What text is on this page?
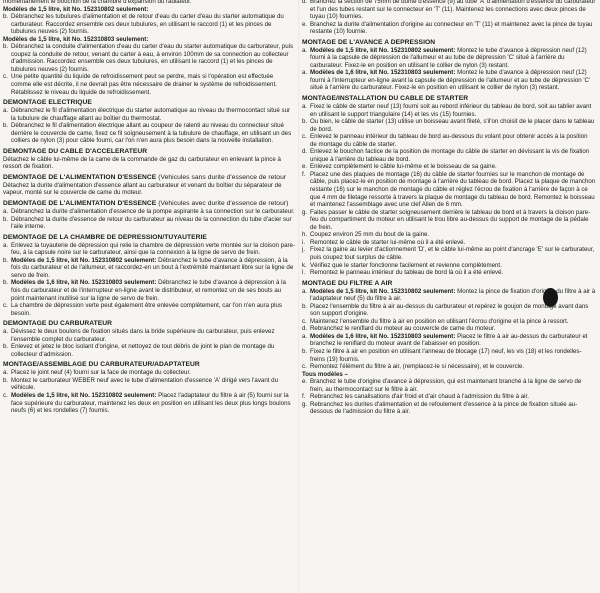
momentanément le bouchon de la chambre d'expansion du radiateur.

Modèles de 1,5 litre, kit No. 152310802 seulement:

b. Débranchez les tubulures d'alimentation et de retour d'eau du carter d'eau du starter automatique du carburateur. Raccordez ensemble ces deux tubulures, en utilisant le raccord (1) et les pinces de tubulures neuves (2) fournis.

Modèles de 1,5 litre, kit No. 152310803 seulement:

b. Débranchez la conduite d'alimentation d'eau du carter d'eau du starter automatique du carburateur, puis coupez la conduite de retour, venant du carter à eau, à environ 100mm de sa connection au collecteur d'admission. Raccordez ensemble ces deux tubulures, en utilisant le raccord (1) et les pinces de tubulures neuves (2) fournis.
c. Une petite quantité du liquide de refroidissement peut se perdre, mais si l'opération est effectuée comme elle est décrite, il ne devrait pas être nécessaire de drainer le système de refroidissement. Rétablissez le niveau du liquide de refroidissement.
DEMONTAGE ELECTRIQUE
a. Débranchez le fil d'alimentation électrique du starter automatique au niveau du thermocontact situé sur la tubulure de chauffage allant au boîtier du thermostat.
b. Débranchez le fil d'alimentation électrique allant au coupeur de ralenti au niveau du connecteur situé derrière le couvercle de came, fixez ce fil soigneusement à la tubulure de chauffage, en utilisant un des colliers de nylon (3) pour câble fourni, car l'on n'en aura plus besoin dans la nouvelle installation.
DEMONTAGE DU CABLE D'ACCELERATEUR

Détachez le câble lui-même de la came de la commande de gaz du carburateur en enlevant la pince à ressort de fixation.

DEMONTAGE DE L'ALIMENTATION D'ESSENCE (Vehicules sans durite d'essence de retour

Détachez la durite d'alimentation d'essence allant au carburateur et venant du boîtier du séparateur de vapeur, monté sur le couvercle de came du moteur.

DEMONTAGE DE L'ALIMENTATION D'ESSENCE (Vehicules avec durite d'essence de retour)
a. Débranchez la durite d'alimentation d'essence de la pompe aspirante à sa connection sur le carburateur.
b. Débranchez la durite d'essence de retour du carburateur au niveau de la connection du tube d'acier sur l'aile interne.
DEMONTAGE DE LA CHAMBRE DE DEPRESSION/TUYAUTERIE
a. Enlevez la tuyauterie de dépression qui relie la chambre de dépression verte montée sur la cloison pare-feu, à la capsule noire sur le carburateur, ainsi que la connexion à la ligne de servo de frein.
b. Modèles de 1,5 litre, kit No. 152310802 seulement: Débranchez le tube d'avance à dépression, à la fois du carburateur et de l'allumeur, et raccordez-en un bout à l'extrémité maintenant libre sur la ligne de servo de frein.
b. Modèles de 1,6 litre, kit No. 152310803 seulement: Débranchez le tube d'avance à dépression à la fois du carburateur et de l'interrupteur en-ligne avant le distributeur, et remontez un de ses bouts au point maintenant inutilisé sur la ligne de servo de frein.
c. La chambre de dépression verte peut également être enlevée complètement, car l'on n'en aura plus besoin.
DEMONTAGE DU CARBURATEUR
a. Dévissez le deux boulons de fixation situés dans la bride supérieure du carburateur, puis enlevez l'ensemble complet du carburateur.
b. Enlevez et jetez le bloc isolant d'origine, et nettoyez de tout débris de joint le plan de montage du collecteur d'admission.
MONTAGE/ASSEMBLAGE DU CARBURATEUR/ADAPTATEUR
a. Placez le joint neuf (4) fourni sur la face de montage du collecteur.
b. Montez le carburateur WEBER neuf avec le tube d'alimentation d'essence 'A' dirigé vers l'avant du véhicule.
c. Modèles de 1,5 litre, kit No. 152310802 seulement: Placez l'adaptateur du filtre à air (5) fourni sur la face supérieure du carburateur, maintenez les deux en position en utilisant les deux plus longs boulons neufs (6) et les rondelles (7) fournis.
d. Branchez la section de 75mm de durite d'essence (9) au tube 'A' d'alimentation d'essence du carburateur et l'un des tubes restant sur le connecteur en 'T' (11). Maintenez les connections avec deux pinces de tuyau (10) fournies.
e. Branchez la durite d'alimentation d'origine au connecteur en 'T' (11) et maintenez avec la pince de tuyau restante (10) fournie.
MONTAGE DE L'AVANCE A DEPRESSION
a. Modèles de 1,5 litre, kit No. 152310802 seulement: Montez le tube d'avance à dépression neuf (12) fourni à la capsule de dépression de l'allumeur et au tube de dépression 'C' situé à l'arrière du carburateur. Fixez-le en position en utilisant le collier de nylon (3) restant.
a. Modèles de 1,6 litre, kit No. 152310803 seulement: Montez le tube d'avance à dépression neuf (12) fourni à l'interrupteur en-ligne avant la capsule de dépression de l'allumeur et au tube de dépression 'C' situé à l'arrière du carburateur. Fixez-le en position en utilisant le collier de nylon (3) restant.
MONTAGE/INSTALLATION DU CABLE DE STARTER
a. Fixez le câble de starter neuf (13) fourni soit au rebord inférieur du tableau de bord, soit au tablier avant en utilisant le support triangulaire (14) et les vis (15) fournies.
b. Ou bien, le câble de starter (13) utilise un boisseau avant fileté, s'il'on choisit de le placer dans le tableau de bord.
c. Enlevez le panneau intérieur du tableau de bord au-dessous du volant pour obtenir accès à la position de montage du câble de starter.
d. Enlevez le bouchon factice de la position de montage du câble de starter en dévissant la vis de fixation unique à l'arrière du tableau de bord.
e. Enlevez complètement le câble lui-même et le boisseau de sa gaine.
f. Placez une des plaques de montage (16) du câble de starter fournies sur le manchon de montage de câble, puis placez-le en position de montage à l'arrière du tableau de bord. Placez la plaque de manchon restante (16) sur le manchon de montage du câble et réglez l'écrou de fixation à l'arrière de façon à ce que 4 mm de filetage ressorte à travers la plaque de montage du tableau de bord. Remontez le boisseau et maintenez l'assemblage avec une clef Allen de 6 mm.
g. Faites passer le câble de starter soigneusement derrière le tableau de bord et à travers la cloison pare-feu du compartiment du moteur en utilisant le trou libre au-dessus du support de montage de la pédale de frein.
h. Coupez environ 25 mm du bout de la gaine.
i. Remontez le câble de starter lui-même où il a été enlevé.
j. Fixez la gaine au levier d'actionnement 'D', et le câble lui-même au point d'ancrage 'E' sur le carburateur, puis coupez tout surplus de câble.
k. Vérifiez que le starter fonctionne facilement et revienne complètement.
l. Remontez le panneau intérieur du tableau de bord là où il a été enlevé.
MONTAGE DU FILTRE A AIR
a. Modèles de 1,5 litre, kit No. 152310802 seulement: Montez la pince de fixation d'origine du filtre à air à l'adaptateur neuf (5) du filtre à air.
b. Placez l'ensemble du filtre à air au-dessus du carburateur et repérez le goujon de montage avant dans son support d'origine.
c. Maintenez l'ensemble du filtre à air en position en utilisant l'écrou d'origine et la pince à ressort.
d. Rebranchez le reniflard du moteur au couvercle de came du moteur.
a. Modèles de 1,6 litre, kit No. 152310803 seulement: Placez le filtre à air au-dessus du carburateur et branchez le reniflard du moteur avant de l'abaisser en position.
b. Fixez le filtre à air en position en utilisant l'anneau de blocage (17) neuf, les vis (18) et les rondelles-freins (19) fournis.
c. Remontez l'élément du filtre à air, (remplacez-le si nécessaire), et le couvercle.

Tous modèles –

e. Branchez le tube d'origine d'avance à dépression, qui est maintenant branché à la ligne de servo de frein, au thermocontact sur le filtre à air.
f. Rebranchez les canalisations d'air froid et d'air chaud à l'admission du filtre à air.
g. Rebranchez les durites d'alimentation et de refoulement d'essence à la pince de fixation située au-dessous de l'admission du filtre à air.
